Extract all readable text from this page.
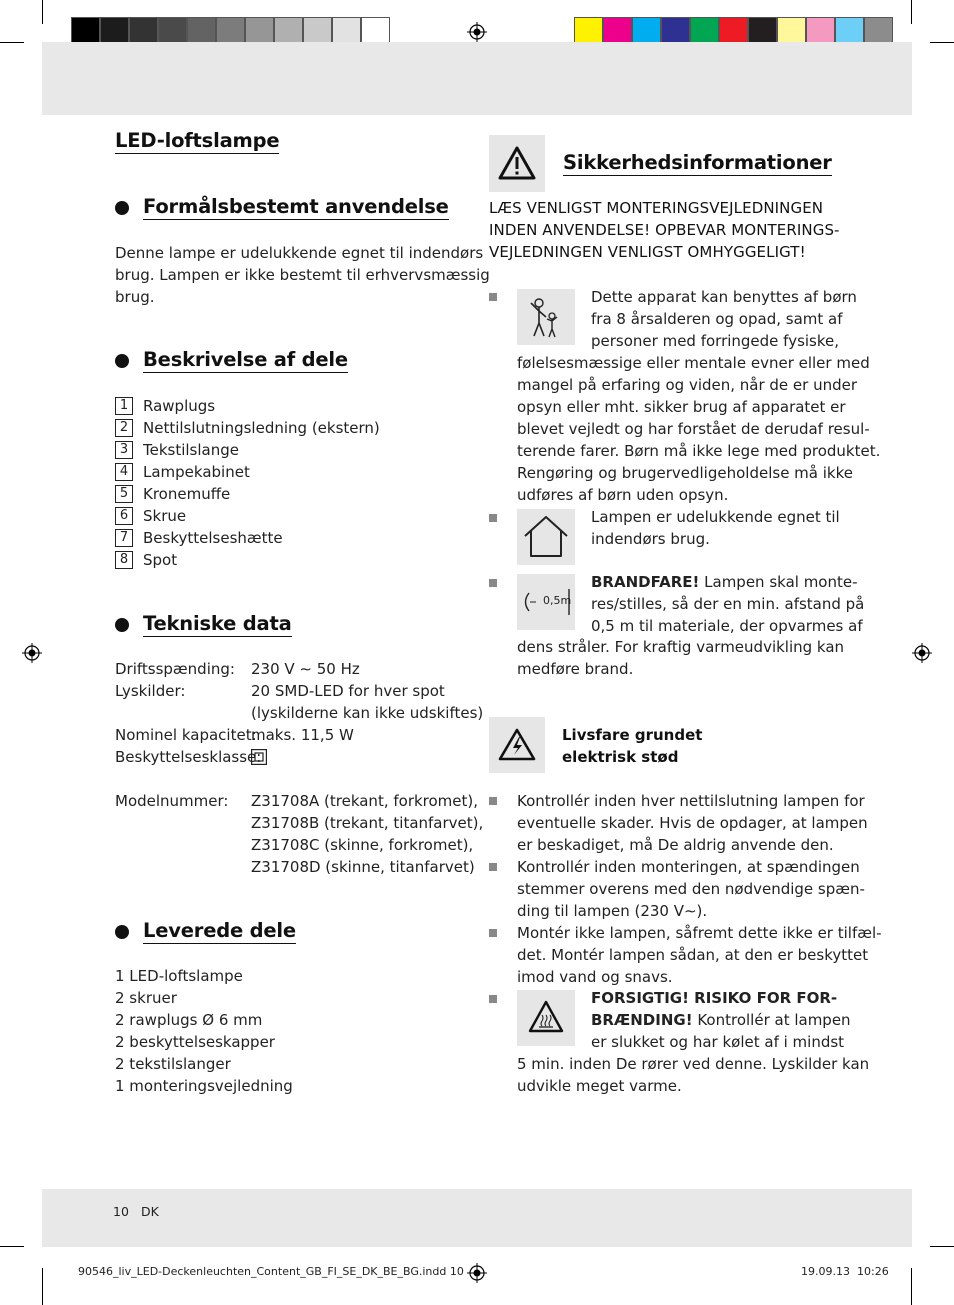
LED-loftslampe
Formålsbestemt anvendelse
Denne lampe er udelukkende egnet til indendørs
brug. Lampen er ikke bestemt til erhvervsmæssig
brug.
Beskrivelse af dele
1 Rawplugs
2 Nettilslutningsledning (ekstern)
3 Tekstilslange
4 Lampekabinet
5 Kronemuffe
6 Skrue
7 Beskyttelseshætte
8 Spot
Tekniske data
Driftsspænding: 230 V ∼ 50 Hz
Lyskilder:	20 SMD-LED for hver spot
(lyskilderne kan ikke udskiftes)
Nominel kapacitet:
maks. 11,5 W
Beskyttelsesklasse:
Modelnummer: Z31708A (trekant, forkromet),
Z31708B (trekant, titanfarvet),
Z31708C (skinne, forkromet),
Z31708D (skinne, titanfarvet)
Leverede dele
1 LED-loftslampe
2 skruer
2 rawplugs Ø 6 mm
2 beskyttelseskapper
2 tekstilslanger
1 monteringsvejledning
Sikkerhedsinformationer
LÆS VENLIGST MONTERINGSVEJLEDNINGEN
INDEN ANVENDELSE! OPBEVAR MONTERINGS-
VEJLEDNINGEN VENLIGST OMHYGGELIGT!
Dette apparat kan benyttes af børn
fra 8 årsalderen og opad, samt af
personer med forringede fysiske,
følelsesmæssige eller mentale evner eller med
mangel på erfaring og viden, når de er under
opsyn eller mht. sikker brug af apparatet er
blevet vejledt og har forstået de derudaf resul-
terende farer. Børn må ikke lege med produktet.
Rengøring og brugervedligeholdelse må ikke
udføres af børn uden opsyn.
Lampen er udelukkende egnet til
indendørs brug.
0,5m
BRANDFARE! Lampen skal monte-
res/stilles, så der en min. afstand på
0,5 m til materiale, der opvarmes af
dens stråler. For kraftig varmeudvikling kan
medføre brand.
Livsfare grundet
elektrisk stød
Kontrollér inden hver nettilslutning lampen for
eventuelle skader. Hvis de opdager, at lampen
er beskadiget, må De aldrig anvende den.
Kontrollér inden monteringen, at spændingen
stemmer overens med den nødvendige spæn-
ding til lampen (230 V∼).
Montér ikke lampen, såfremt dette ikke er tilfæl-
det. Montér lampen sådan, at den er beskyttet
imod vand og snavs.
FORSIGTIG! RISIKO FOR FOR-
BRÆNDING! Kontrollér at lampen
er slukket og har kølet af i mindst
5 min. inden De rører ved denne. Lyskilder kan
udvikle meget varme.
10 DK
90546_liv_LED-Deckenleuchten_Content_GB_FI_SE_DK_BE_BG.indd 10	19.09.13 10:26
